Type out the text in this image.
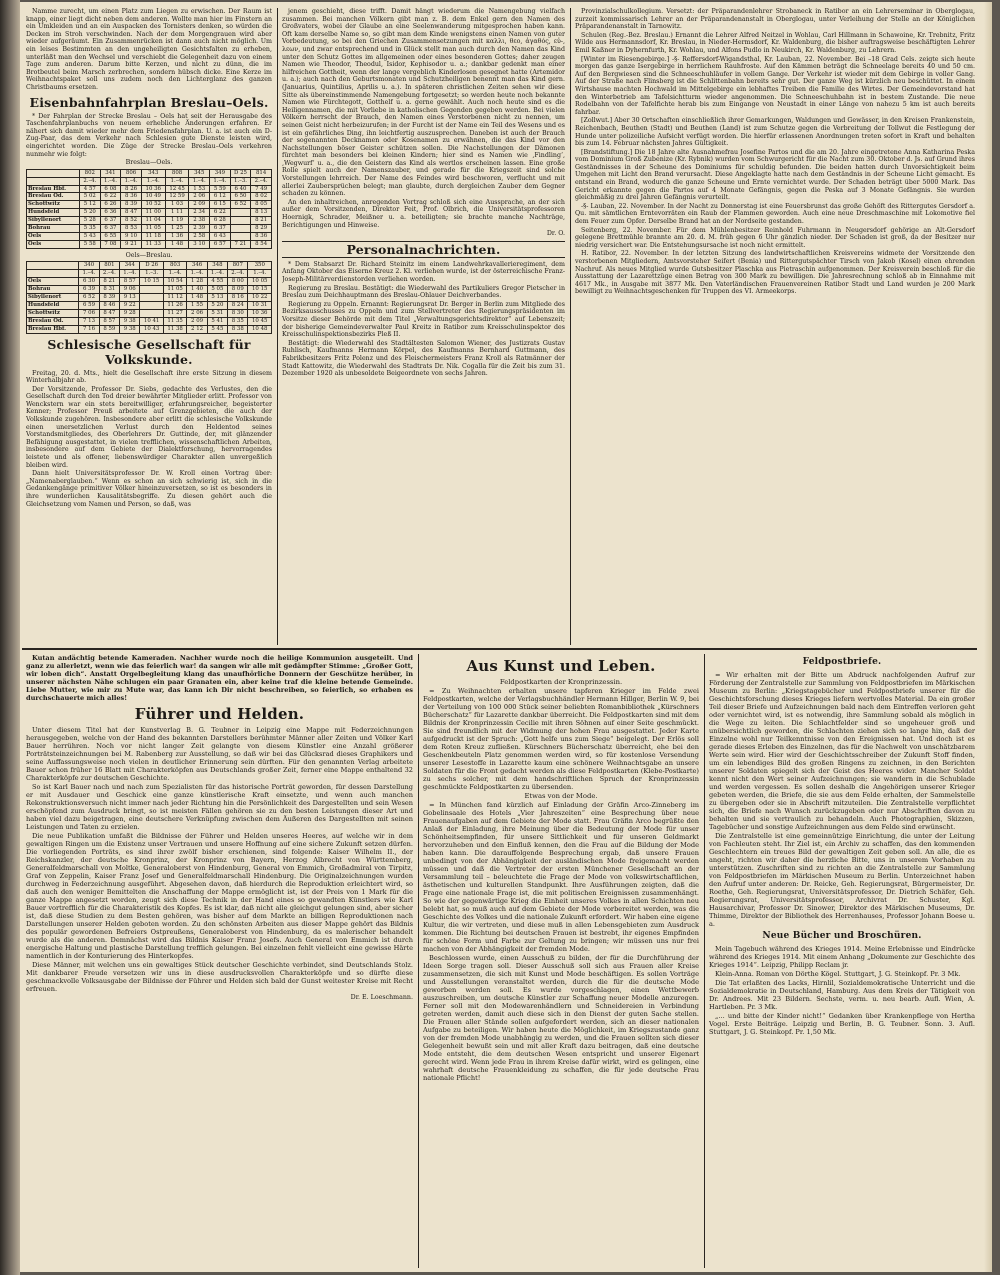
Namme zurecht, um einen Platz zum Liegen zu erwischen. Der Raum ist knapp, einer liegt dicht neben dem anderen. Wollte man hier im Finstern an ein Umkleiden und an ein Auspacken des Tornisters denken, so würden die Decken im Stroh verschwinden. Nach der dem Morgengrauen wird aber wieder aufgeräumt. Ein Zusammenrücken ist dann auch nicht möglich. Um ein leises Bestimmten an den ungeheiligten Gesichtsfalten zu erheben, unterläßt man den Wechsel und verschiebt die Gelegenheit dazu von einem Tage zum anderen. Darum bitte Kerzen, und nicht zu dünn, die im Brotbeutel beim Marsch zerbrechen, sondern hübsch dicke. Eine Kerze im Weihnachtspaket soll uns zudem noch den Lichterglanz des ganzen Christbaums ersetzen.

Eisenbahnfahrplan Breslau–Oels.

* Der Fahrplan der Strecke Breslau – Oels hat seit der Herausgabe des Taschenfahrplanbuchs von neuem erhebliche Änderungen erfahren. Er nähert sich damit wieder mehr dem Friedensfahrplan. U. a. ist auch ein D-Zug-Paar, das dem Verkehr nach Schlesien gute Dienste leisten wird, eingerichtet worden. Die Züge der Strecke Breslau–Oels verkehren nunmehr wie folgt:

Breslau—Oels.
	802	341	806	343	808	345	349	D 25	814
	2.–4.	1.–4.	1.–4.	1.–4.	1.–4.	1.–4.	1.–4.	1.–3.	2.–4.
Breslau Hbf.	4 57	6 08	8 26	10 36	12 45	1 53	5 59	6 40	7 49
Breslau Od.	5 02	6 22	8 36	10 49	12 59	2 06	6 12	6 50	8 02
Schottwitz	5 12	6 26	8 39	10 52	1 03	2 09	6 15	6 52	8 05
Hundsfeld	5 20	6 36	8 47	11 00	1 11	2 34	6 22		8 13
Sibyllenort	5 28	6 37	8 52	11 04	1 19	2 38	6 28		8 21
Bohrau	5 35	6 37	8 53	11 05	1 25	2 39	6 37		8 29
Oels	5 43	6 55	9 10	11 18	1 36	2 58	6 43		8 36
Oels	5 58	7 08	9 21	11 33	1 48	3 10	6 57	7 21	8 54
Oels—Breslau.
	340	801	344	D 26	803	346	348	807	350
	1.–4.	2.–4.	1.–4.	1.–3.	1.–4.	1.–4.	1.–4.	2.–4.	1.–4.
Oels	6 30	8 21	8 57	10 15	10 54	1 28	4 55	8 00	10 05
Bohrau	6 39	8 31	9 06		11 05	1 40	5 05	8 09	10 15
Sibyllenort	6 52	8 39	9 13		11 12	1 48	5 13	8 16	10 22
Hundsfeld	6 59	8 46	9 22		11 26	1 55	5 20	8 24	10 31
Schottwitz	7 06	8 47	9 28		11 27	2 06	5 31	8 30	10 36
Breslau Od.	7 13	8 57	9 38	10 41	11 35	2 09	5 41	8 35	10 45
Breslau Hbf.	7 16	8 59	9 38	10 43	11 38	2 12	5 45	8 38	10 48
Schlesische Gesellschaft für Volkskunde.

Freitag, 20. d. Mts., hielt die Gesellschaft ihre erste Sitzung in diesem Winterhalbjahr ab.

Der Vorsitzende, Professor Dr. Siebs, gedachte des Verlustes, den die Gesellschaft durch den Tod dreier bewährter Mitglieder erlitt. Professor von Wenckstern war ein stets bereitwilliger, erfahrungsreicher, begeisterter Kenner; Professor Preuß arbeitete auf Grenzgebieten, die auch der Volkskunde zugehören. Insbesondere aber erlitt die schlesische Volkskunde einen unersetzlichen Verlust durch den Heldentod seines Vorstandsmitgliedes, des Oberlehrers Dr. Guttinde, der, mit glänzender Befähigung ausgestattet, in vielen trefflichen, wissenschaftlichen Arbeiten, insbesondere auf dem Gebiete der Dialektforschung, hervorragendes leistete und als offener, liebenswürdiger Charakter allen unvergeßlich bleiben wird.

Dann hielt Universitätsprofessor Dr. W. Kroll einen Vortrag über: „Namenaberglauben.“ Wenn es schon an sich schwierig ist, sich in die Gedankengänge primitiver Völker hineinzuversetzen, so ist es besonders in ihre wunderlichen Kausalitätsbegriffe. Zu diesen gehört auch die Gleichsetzung vom Namen und Person, so daß, was

jenem geschieht, diese trifft. Damit hängt wiederum die Namengebung vielfach zusammen. Bei manchen Völkern gibt man z. B. dem Enkel gern den Namen des Großvaters, wobei der Glaube an eine Seelenwanderung mitgesprochen haben kann. Oft kam derselbe Name so, so gibt man dem Kinde wenigstens einen Namen von guter Vorbedeutung, so bei den Griechen Zusammensetzungen mit καλλι, θεο, ἀγαθός, εὐ-, λεων, und zwar entsprechend und in Glück stellt man auch durch den Namen das Kind unter den Schutz Gottes im allgemeinen oder eines besonderen Gottes; daher zeugen Namen wie Theodor, Theodul, Isidor, Kephisodor u. a.; dankbar gedenkt man einer hilfreichen Gottheit, wenn der lange vergeblich Kinderlosen gesegnet hatte (Artemidor u. a.); auch nach den Geburtsmonaten und Schutzheiligen benennt man das Kind gern. (Januarius, Quintilius, Aprilis u. a.). In späteren christlichen Zeiten sehen wir diese Sitte als übereinstimmende Namengebung fortgesetzt; so werden heute noch bekannte Namen wie Fürchtegott, Gotthelf u. a. gerne gewählt. Auch noch heute sind es die Heiligennamen, die mit Vorliebe in katholischen Gegenden gegeben werden. Bei vielen Völkern herrscht der Brauch, den Namen eines Verstorbenen nicht zu nennen, um seinen Geist nicht herbeizurufen; in der Furcht ist der Name ein Teil des Wesens und es ist ein gefährliches Ding, ihn leichtfertig auszusprechen. Daneben ist auch der Brauch der sogenannten Decknamen oder Kosenamen zu erwähnen, die das Kind vor den Nachstellungen böser Geister schützen sollen. Die Nachstellungen der Dämonen fürchtet man besonders bei kleinen Kindern; hier sind es Namen wie ‚Findling‘, ‚Wegwurf‘ u. a., die den Geistern das Kind als wertlos erscheinen lassen. Eine große Rolle spielt auch der Namenszauber, und gerade für die Kriegszeit sind solche Vorstellungen lehrreich. Der Name des Feindes wird beschworen, verflucht und mit allerlei Zaubersprüchen belegt; man glaubte, durch dergleichen Zauber dem Gegner schaden zu können.

An den inhaltreichen, anregenden Vortrag schloß sich eine Aussprache, an der sich außer dem Vorsitzenden, Direktor Feit, Prof. Olbrich, die Universitätsprofessoren Hoernigk, Schrader, Meißner u. a. beteiligten; sie brachte manche Nachträge, Berichtigungen und Hinweise.

Dr. O.
Personalnachrichten.

* Dem Stabsarzt Dr. Richard Steinitz im einem Landwehrkavallerieregiment, dem Anfang Oktober das Eiserne Kreuz 2. Kl. verliehen wurde, ist der österreichische Franz-Joseph-Militärverdienstorden verliehen worden.

Regierung zu Breslau. Bestätigt: die Wiederwahl des Partikuliers Gregor Pietscher in Breslau zum Deichhauptmann des Breslau-Ohlauer Deichverbandes.

Regierung zu Oppeln. Ernannt: Regierungsrat Dr. Berger in Berlin zum Mitgliede des Bezirksausschusses zu Oppeln und zum Stellvertreter des Regierungspräsidenten im Vorsitze dieser Behörde mit dem Titel „Verwaltungsgerichtsdirektor“ auf Lebenszeit; der bisherige Gemeindeverwalter Paul Kreitz in Ratibor zum Kreisschulinspektor des Kreisschulinspektionsbezirks Pleß II.

Bestätigt: die Wiederwahl des Stadtältesten Salomon Wiener, des Justizrats Gustav Ruhlisch, Kaufmanns Hermann Körpel, des Kaufmanns Bernhard Guttmann, des Fabrikbesitzers Fritz Polenz und des Fleischermeisters Franz Kroll als Ratmänner der Stadt Kattowitz, die Wiederwahl des Stadtrats Dr. Nik. Cogalla für die Zeit bis zum 31. Dezember 1920 als unbesoldete Beigeordnete von sechs Jahren.

Provinzialschulkollegium. Versetzt: der Präparandenlehrer Strobaneck in Ratibor an ein Lehrerseminar in Oberglogau, zurzeit kommissarisch Lehrer an der Präparandenanstalt in Oberglogau, unter Verleihung der Stelle an der Königlichen Präparandenanstalt in Tarnowitz.

Schulen (Reg.-Bez. Breslau.) Ernannt die Lehrer Alfred Neitzel in Wohlau, Carl Hillmann in Schawoine, Kr. Trebnitz, Fritz Wilde aus Hermannsdorf, Kr. Breslau, in Nieder-Hermsdorf, Kr. Waldenburg, die bisher auftragsweise beschäftigten Lehrer Emil Kaßner in Dyhernfurth, Kr. Wohlau, und Alfons Pudlo in Neukirch, Kr. Waldenburg, zu Lehrern.

[Winter im Riesengebirge.] -§- Reffersdorf-Wigandsthal, Kr. Lauban, 22. November. Bei –18 Grad Cels. zeigte sich heute morgen das ganze Isergebirge in herrlichem Rauhfroste. Auf den Kämmen beträgt die Schneelage bereits 40 und 50 cm. Auf den Bergwiesen sind die Schneeschuhläufer in vollem Gange. Der Verkehr ist wieder mit dem Gebirge in voller Gang. Auf der Straße nach Flinsberg ist die Schlittenbahn bereits sehr gut. Der ganze Weg ist kürzlich neu beschüttet. In einem Wirtshause machten Hochwald im Mittelgebirge ein lebhaftes Treiben die Familie des Wirtes. Der Gemeindevorstand hat den Winterbetrieb am Tafelsichtturm wieder angenommen. Die Schneeschuhbahn ist in bestem Zustande. Die neue Rodelbahn von der Tafelfichte herab bis zum Eingange von Neustadt in einer Länge von nahezu 5 km ist auch bereits fahrbar.

[Zollwut.] Aber 30 Ortschaften einschließlich ihrer Gemarkungen, Waldungen und Gewässer, in den Kreisen Frankenstein, Reichenbach, Beuthen (Stadt) und Beuthen (Land) ist zum Schutze gegen die Verbreitung der Tollwut die Festlegung der Hunde unter polizeiliche Aufsicht verfügt worden. Die hierfür erlassenen Anordnungen treten sofort in Kraft und behalten bis zum 14. Februar nächsten Jahres Gültigkeit.

[Brandstiftung.] Die 18 Jahre alte Ausnahmefrau Josefine Partos und die am 20. Jahre eingetretene Anna Katharina Peska vom Dominium Groß Zubenize (Kr. Rybnik) wurden vom Schwurgericht für die Nacht zum 30. Oktober d. Js. auf Grund ihres Geständnisses in der Scheune des Dominiums für schuldig befunden. Die beiden hatten durch Unvorsichtigkeit beim Umgehen mit Licht den Brand verursacht. Diese Angeklagte hatte nach dem Geständnis in der Scheune Licht gemacht. Es entstand ein Brand, wodurch die ganze Scheune und Ernte vernichtet wurde. Der Schaden beträgt über 5000 Mark. Das Gericht erkannte gegen die Partos auf 4 Monate Gefängnis, gegen die Peska auf 3 Monate Gefängnis. Sie wurden gleichmäßig zu drei Jahren Gefängnis verurteilt.

-§- Lauban, 22. November. In der Nacht zu Donnerstag ist eine Feuersbrunst das große Gehöft des Rittergutes Gersdorf a. Qu. mit sämtlichen Erntevorräten ein Raub der Flammen geworden. Auch eine neue Dreschmaschine mit Lokomotive fiel dem Feuer zum Opfer. Derselbe Brand hat an der Nordseite gestanden.

Seitenberg, 22. November. Für dem Mühlenbesitzer Reinhold Fuhrmann in Neugersdorf gehörige an Alt-Gersdorf gelegene Brettmühle brannte am 20. d. M. früh gegen 6 Uhr gänzlich nieder. Der Schaden ist groß, da der Besitzer nur niedrig versichert war. Die Entstehungsursache ist noch nicht ermittelt.

H. Ratibor, 22. November. In der letzten Sitzung des landwirtschaftlichen Kreisvereins widmete der Vorsitzende den verstorbenen Mitgliedern, Amtsvorsteher Seifert (Benia) und Rittergutspächter Tirsch von Jakob (Kosel) einen ehrenden Nachruf. Als neues Mitglied wurde Gutsbesitzer Plaschka aus Pietraschin aufgenommen. Der Kreisverein beschloß für die Ausstattung der Lazarettzüge einen Betrag von 300 Mark zu bewilligen. Die Jahresrechnung schloß ab in Einnahme mit 4617 Mk., in Ausgabe mit 3877 Mk. Den Vaterländischen Frauenvereinen Ratibor Stadt und Land wurden je 200 Mark bewilligt zu Weihnachtsgeschenken für Truppen des VI. Armeekorps.

Kutan andächtig betende Kameraden. Nachher wurde noch die heilige Kommunion ausgeteilt. Und ganz zu allerletzt, wenn wie das feierlich war! da sangen wir alle mit gedämpfter Stimme: „Großer Gott, wir loben dich“. Anstatt Orgelbegleitung klang das unaufhörliche Donnern der Geschütze herüber, in unserer nächsten Nähe schlugen ein paar Granaten ein, aber keine traf die kleine betende Gemeinde. Liebe Mutter, wie mir zu Mute war, das kann ich Dir nicht beschreiben, so feierlich, so erhaben es durchschauerte mich alles!

Führer und Helden.

Unter diesem Titel hat der Kunstverlag B. G. Teubner in Leipzig eine Mappe mit Federzeichnungen herausgegeben, welche von der Hand des bekannten Darstellers berühmter Männer aller Zeiten und Völker Karl Bauer herrühren. Noch vor nicht langer Zeit gelangte von diesem Künstler eine Anzahl größerer Porträtsteinzeichnungen bei M. Rabenberg zur Ausstellung, so daß wir bei das Glücksrad dieses Graphikers und seine Auffassungsweise noch vielen in deutlicher Erinnerung sein dürften. Für den genannten Verlag arbeitete Bauer schon früher 16 Blatt mit Charakterköpfen aus Deutschlands großer Zeit, ferner eine Mappe enthaltend 32 Charakterköpfe zur deutschen Geschichte.

So ist Karl Bauer nach und nach zum Spezialisten für das historische Porträt geworden, für dessen Darstellung er mit Ausdauer und Geschick eine ganze künstlerische Kraft einsetzte, und wenn auch manchen Rekonstruktionsversuch nicht immer nach jeder Richtung hin die Persönlichkeit des Dargestellten und sein Wesen erschöpfend zum Ausdruck bringt, so ist meisten Fällen gehören sie zu den besten Leistungen dieser Art und haben viel dazu beigetragen, eine deutschere Verknüpfung zwischen dem Äußeren des Dargestellten mit seinen Leistungen und Taten zu erzielen.

Die neue Publikation umfaßt die Bildnisse der Führer und Helden unseres Heeres, auf welche wir in dem gewaltigen Ringen um die Existenz unser Vertrauen und unsere Hoffnung auf eine sichere Zukunft setzen dürfen. Die vorliegenden Porträts, es sind ihrer zwölf bisher erschienen, sind folgende: Kaiser Wilhelm II., der Reichskanzler, der deutsche Kronprinz, der Kronprinz von Bayern, Herzog Albrecht von Württemberg, Generalfeldmarschall von Moltke, Generaloberst von Hindenburg, General von Emmich, Großadmiral von Tirpitz, Graf von Zeppelin, Kaiser Franz Josef und Generalfeldmarschall Hindenburg. Die Originalzeichnungen wurden durchweg in Federzeichnung ausgeführt. Abgesehen davon, daß hierdurch die Reproduktion erleichtert wird, so daß auch den weniger Bemittelten die Anschaffung der Mappe ermöglicht ist, ist der Preis von 1 Mark für die ganze Mappe angesetzt worden, zeugt sich diese Technik in der Hand eines so gewandten Künstlers wie Karl Bauer vortrefflich für die Charakteristik des Kopfes. Es ist klar, daß nicht alle gleichgut gelungen sind, aber sicher ist, daß diese Studien zu dem Besten gehören, was bisher auf dem Markte an billigen Reproduktionen nach Darstellungen unserer Helden geboten worden. Zu den schönsten Arbeiten aus dieser Mappe gehört das Bildnis des populär gewordenen Befreiers Ostpreußens, Generaloberst von Hindenburg, da es malerischer behandelt wurde als die anderen. Demnächst wird das Bildnis Kaiser Franz Josefs. Auch General von Emmich ist durch energische Haltung und plastische Darstellung trefflich gelungen. Bei einzelnen fehlt vielleicht eine gewisse Härte namentlich in der Konturierung des Hinterkopfes.

Diese Männer, mit welchen uns ein gewaltiges Stück deutscher Geschichte verbindet, sind Deutschlands Stolz. Mit dankbarer Freude versetzen wir uns in diese ausdrucksvollen Charakterköpfe und so dürfte diese geschmackvolle Volksausgabe der Bildnisse der Führer und Helden sich bald der Gunst weitester Kreise mit Recht erfreuen.

Dr. E. Loeschmann.
Aus Kunst und Leben.
Feldpostkarten der Kronprinzessin.

= Zu Weihnachten erhalten unsere tapferen Krieger im Felde zwei Feldpostkarten, welche der Verlagsbuchhändler Hermann Hillger, Berlin W. 9, bei der Verteilung von 100 000 Stück seiner beliebten Romanbibliothek „Kürschners Bücherschatz“ für Lazarette dankbar überreicht. Die Feldpostkarten sind mit dem Bildnis der Kronprinzessin Cecilie mit ihren Söhnen auf einer Seite geschmückt. Sie sind freundlich mit der Widmung der hohen Frau ausgestattet. Jeder Karte aufgedruckt ist der Spruch: „Gott helfe uns zum Siege“ beigelegt. Der Erlös soll dem Roten Kreuz zufließen. Kürschners Bücherschatz überreicht, ehe bei den Geschenkbeuteln Platz genommen werden wird, so für kostenlose Versendung unserer Lesestoffe in Lazarette kaum eine schönere Weihnachtsgabe an unsere Soldaten für die Front gedacht werden als diese Feldpostkarten (Klebe-Postkarte) zu sechs solcher, mit dem handschriftlichen Spruch der Kronprinzessin geschmückte Feldpostkarten zu übersenden.

Etwas von der Mode.

= In München fand kürzlich auf Einladung der Gräfin Arco-Zinneberg im Gobelinsaale des Hotels „Vier Jahreszeiten“ eine Besprechung über neue Frauenaufgaben auf dem Gebiete der Mode statt. Frau Gräfin Arco begrüßte den Anlaß der Einladung, ihre Meinung über die Bedeutung der Mode für unser Schönheitsempfinden, für unsere Sittlichkeit und für unseren Geldmarkt hervorzuheben und den Einfluß kennen, den die Frau auf die Bildung der Mode haben kann. Die darauffolgende Besprechung ergab, daß unsere Frauen unbedingt von der Abhängigkeit der ausländischen Mode freigemacht werden müssen und daß die Vertreter der ersten Münchener Gesellschaft an der Versammlung teil – beleuchtete die Frage der Mode von volkswirtschaftlichen, ästhetischen und kulturellen Standpunkt. Ihre Ausführungen zeigten, daß die Frage eine nationale Frage ist, die mit politischen Ereignissen zusammenhängt. So wie der gegenwärtige Krieg die Einheit unseres Volkes in allen Schichten neu belebt hat, so muß auch auf dem Gebiete der Mode vorbereitet werden, was die Geschichte des Volkes und die nationale Zukunft erfordert. Wir haben eine eigene Kultur, die wir vertreten, und diese muß in allen Lebensgebieten zum Ausdruck kommen. Die Richtung bei deutschen Frauen ist bestrebt, ihr eigenes Empfinden für schöne Form und Farbe zur Geltung zu bringen; wir müssen uns nur frei machen von der Abhängigkeit der fremden Mode.

Beschlossen wurde, einen Ausschuß zu bilden, der für die Durchführung der Ideen Sorge tragen soll. Dieser Ausschuß soll sich aus Frauen aller Kreise zusammensetzen, die sich mit Kunst und Mode beschäftigen. Es sollen Vorträge und Ausstellungen veranstaltet werden, durch die für die deutsche Mode geworben werden soll. Es wurde vorgeschlagen, einen Wettbewerb auszuschreiben, um deutsche Künstler zur Schaffung neuer Modelle anzuregen. Ferner soll mit den Modewarenhändlern und Schneidereien in Verbindung getreten werden, damit auch diese sich in den Dienst der guten Sache stellen. Die Frauen aller Stände sollen aufgefordert werden, sich an dieser nationalen Aufgabe zu beteiligen. Wir haben heute die Möglichkeit, im Kriegszustande ganz von der fremden Mode unabhängig zu werden, und die Frauen sollten sich dieser Gelegenheit bewußt sein und mit aller Kraft dazu beitragen, daß eine deutsche Mode entsteht, die dem deutschen Wesen entspricht und unserer Eigenart gerecht wird. Wenn jede Frau in ihrem Kreise dafür wirkt, wird es gelingen, eine wahrhaft deutsche Frauenkleidung zu schaffen, die für jede deutsche Frau nationale Pflicht!

Feldpostbriefe.

= Wir erhalten mit der Bitte um Abdruck nachfolgenden Aufruf zur Förderung der Zentralstelle zur Sammlung von Feldpostbriefen im Märkischen Museum zu Berlin: „Kriegstagebücher und Feldpostbriefe unserer für die Geschichtsforschung dieses Krieges liefern wertvolles Material. Da ein großer Teil dieser Briefe und Aufzeichnungen bald nach dem Eintreffen verloren geht oder vernichtet wird, ist es notwendig, ihre Sammlung sobald als möglich in die Wege zu leiten. Die Schlachtfelder sind so ungeheuer groß und unübersichtlich geworden, die Schlachten ziehen sich so lange hin, daß der Einzelne wohl nur Teilkenntnisse von den Ereignissen hat. Und doch ist es gerade dieses Erleben des Einzelnen, das für die Nachwelt von unschätzbarem Werte sein wird. Hier wird der Geschichtsschreiber der Zukunft Stoff finden, um ein lebendiges Bild des großen Ringens zu zeichnen, in den Berichten unserer Soldaten spiegelt sich der Geist des Heeres wider. Mancher Soldat kennt nicht den Wert seiner Aufzeichnungen; sie wandern in die Schublade und werden vergessen. Es sollen deshalb die Angehörigen unserer Krieger gebeten werden, die Briefe, die sie aus dem Felde erhalten, der Sammelstelle zu übergeben oder sie in Abschrift mitzuteilen. Die Zentralstelle verpflichtet sich, die Briefe nach Wunsch zurückzugeben oder nur Abschriften davon zu behalten und sie vertraulich zu behandeln. Auch Photographien, Skizzen, Tagebücher und sonstige Aufzeichnungen aus dem Felde sind erwünscht.

Die Zentralstelle ist eine gemeinnützige Einrichtung, die unter der Leitung von Fachleuten steht. Ihr Ziel ist, ein Archiv zu schaffen, das den kommenden Geschlechtern ein treues Bild der gewaltigen Zeit geben soll. An alle, die es angeht, richten wir daher die herzliche Bitte, uns in unserem Vorhaben zu unterstützen. Zuschriften sind zu richten an die Zentralstelle zur Sammlung von Feldpostbriefen im Märkischen Museum zu Berlin. Unterzeichnet haben den Aufruf unter anderen: Dr. Reicke, Geh. Regierungsrat, Bürgermeister, Dr. Roethe, Geh. Regierungsrat, Universitätsprofessor, Dr. Dietrich Schäfer, Geh. Regierungsrat, Universitätsprofessor, Archivrat Dr. Schuster, Kgl. Hausarchivar, Professor Dr. Sinower, Direktor des Märkischen Museums, Dr. Thimme, Direktor der Bibliothek des Herrenhauses, Professor Johann Boese u. a.

Neue Bücher und Broschüren.

Mein Tagebuch während des Krieges 1914. Meine Erlebnisse und Eindrücke während des Krieges 1914. Mit einem Anhang „Dokumente zur Geschichte des Krieges 1914“. Leipzig, Philipp Reclam jr.

Klein-Anna. Roman von Dörthe Kögel. Stuttgart, J. G. Steinkopf. Pr. 3 Mk.

Die Tat erlaßten des Lacks, Hirnlil, Sozialdemokratische Unterricht und die Sozialdemokratie in Deutschland, Hamburg. Aus dem Kreis der Tätigkeit von Dr. Andrees. Mit 23 Bildern. Sechste, verm. u. neu bearb. Aufl. Wien, A. Hartleben. Pr. 3 Mk.

„... und bitte der Kinder nicht!“ Gedanken über Krankenpflege von Hertha Vogel. Erste Beiträge. Leipzig und Berlin, B. G. Teubner. Sonn. 3. Aufl. Stuttgart, J. G. Steinkopf. Pr. 1,50 Mk.
